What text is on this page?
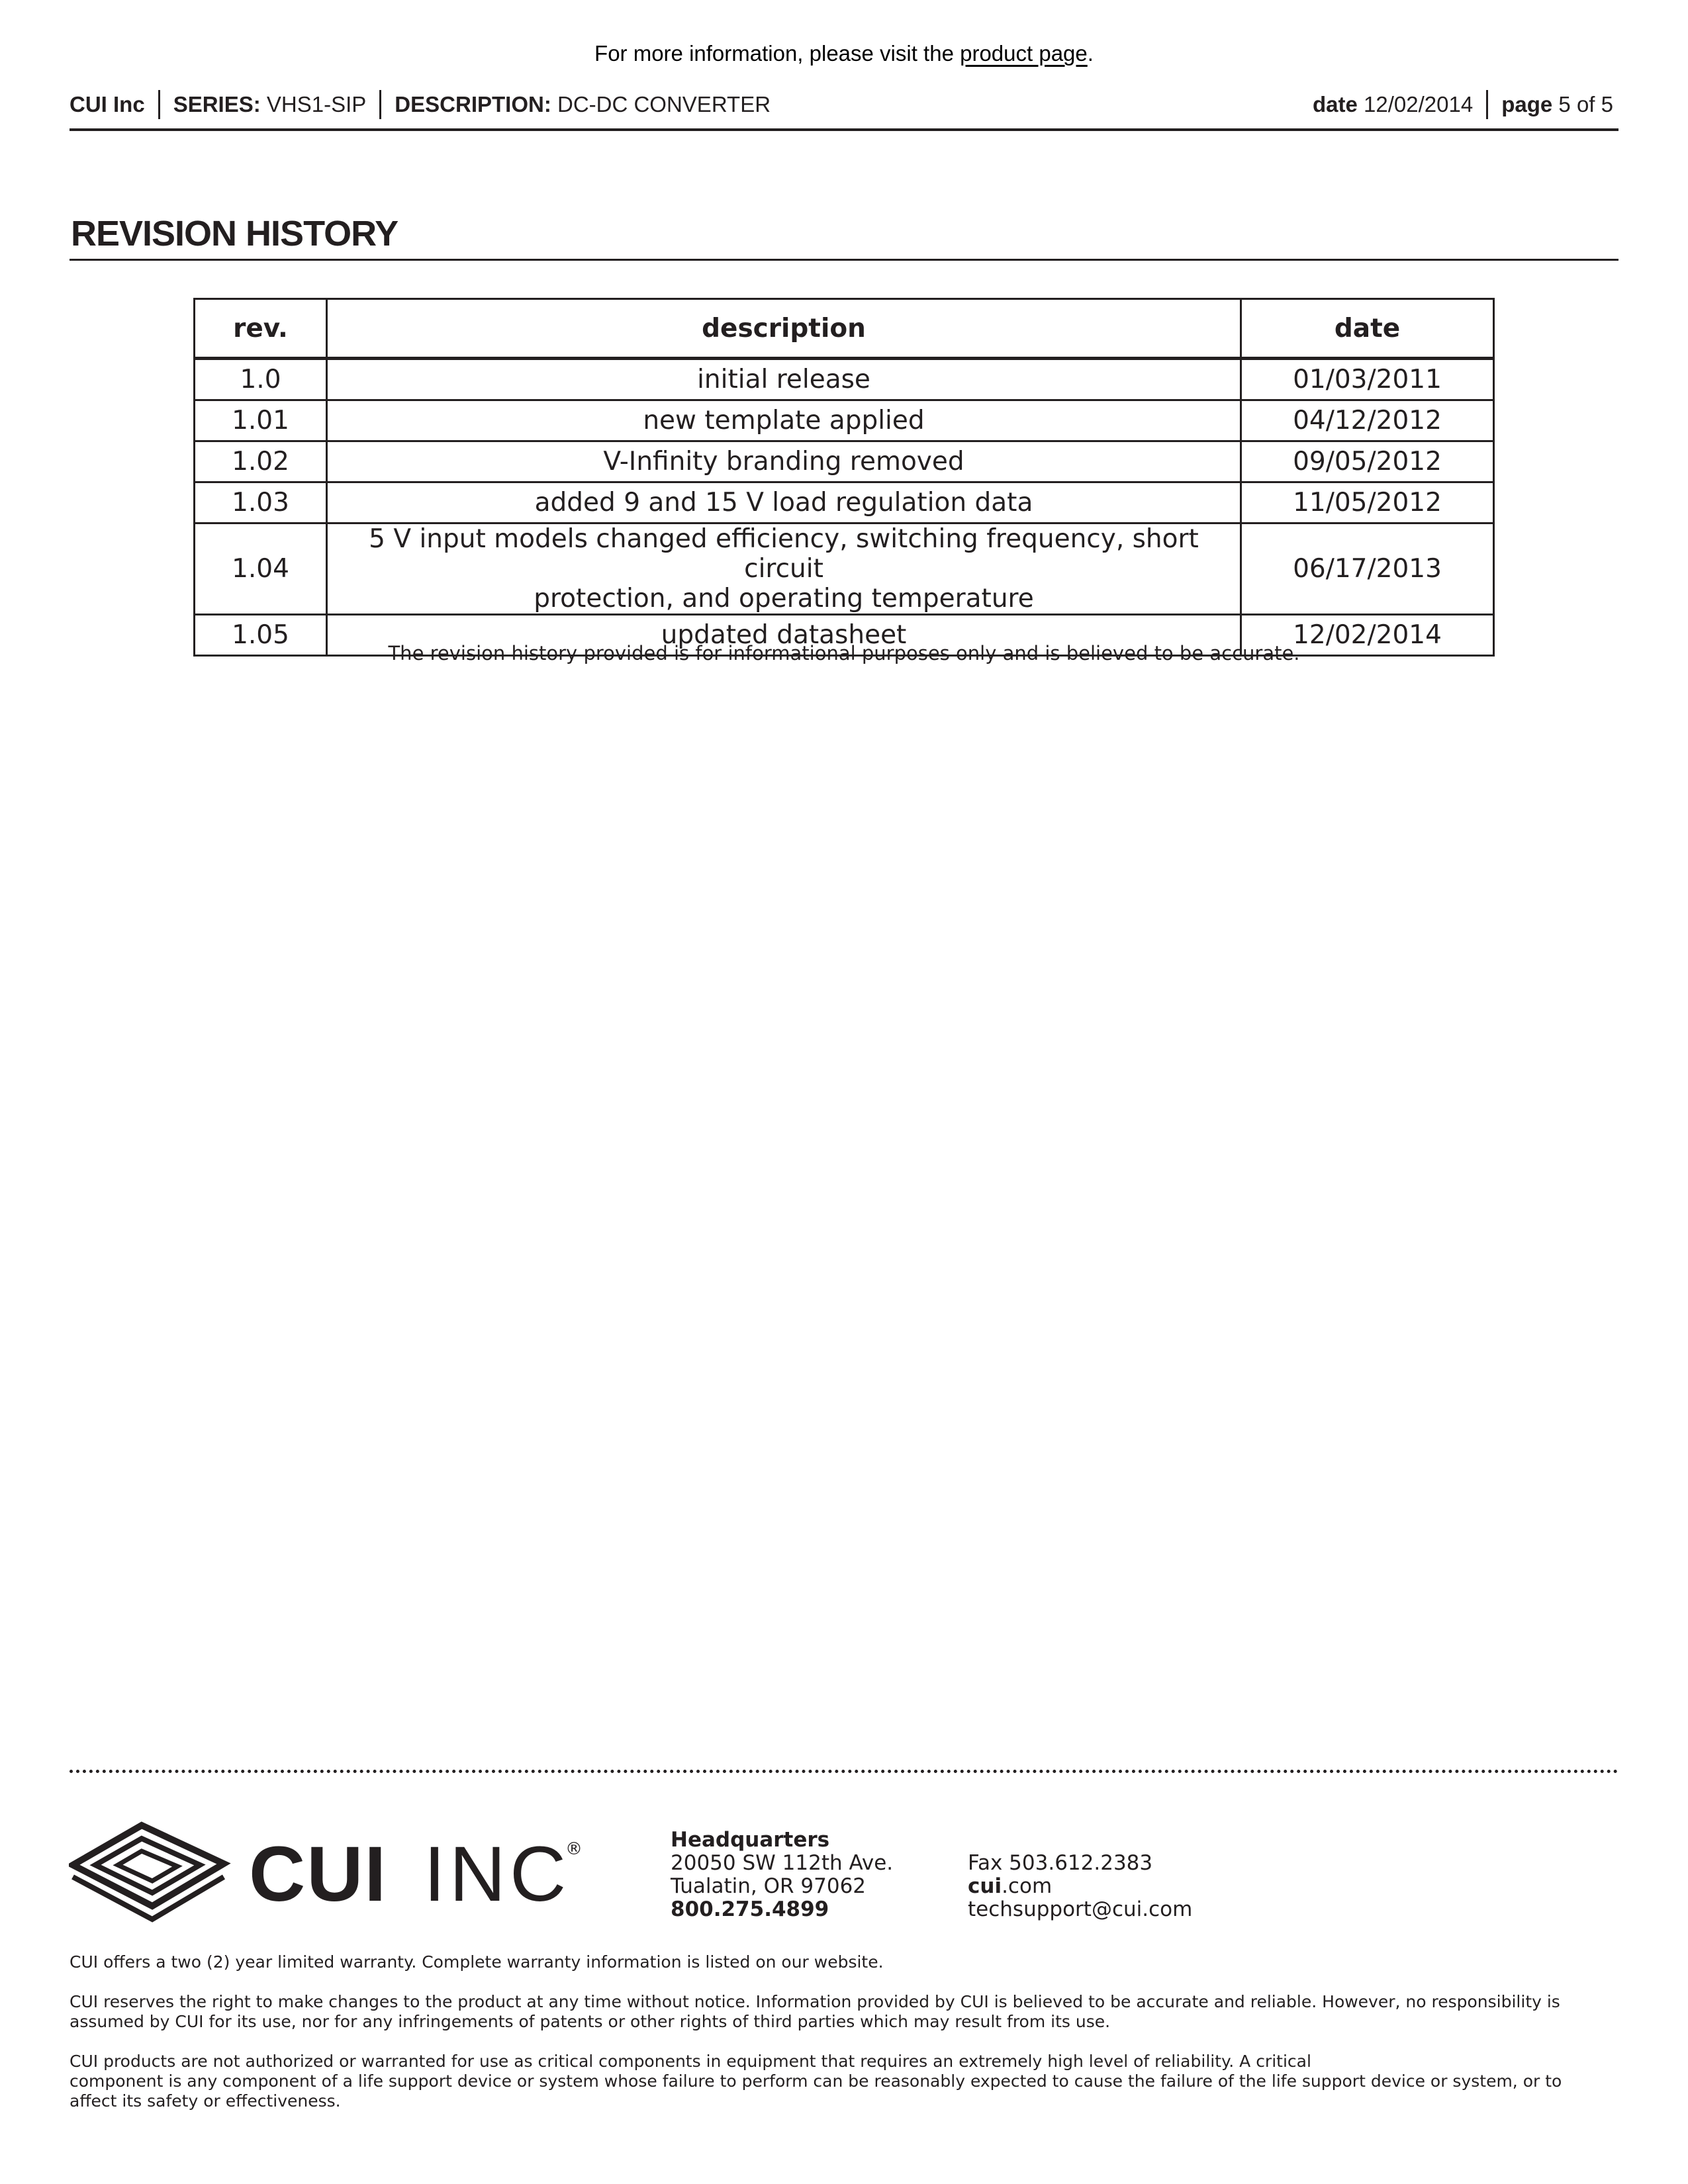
For more information, please visit the product page.
CUI Inc SERIES:
VHS1-SIP DESCRIPTION:
DC-DC CONVERTER	date
12/02/2014 page
5 of 5
REVISION HISTORY
rev.	description	date
1.0	initial release	01/03/2011
1.01	new template applied	04/12/2012
1.02	V-Infinity branding removed	09/05/2012
1.03	added 9 and 15 V load regulation data	11/05/2012
1.04	5 V input models changed efficiency, switching frequency, short circuit
protection, and operating temperature	06/17/2013
1.05	updated datasheet	12/02/2014
The revision history provided is for informational purposes only and is believed to be accurate.
CUI INC
®	Headquarters
20050 SW 112th Ave.
Tualatin, OR 97062
800.275.4899
Fax 503.612.2383
cui.com
techsupport@cui.com
CUI offers a two (2) year limited warranty. Complete warranty information is listed on our website.
CUI reserves the right to make changes to the product at any time without notice. Information provided by CUI is believed to be accurate and reliable. However, no responsibility is
assumed by CUI for its use, nor for any infringements of patents or other rights of third parties which may result from its use.
CUI products are not authorized or warranted for use as critical components in equipment that requires an extremely high level of reliability. A critical
component is any component of a life support device or system whose failure to perform can be reasonably expected to cause the failure of the life support device or system, or to
affect its safety or effectiveness.
